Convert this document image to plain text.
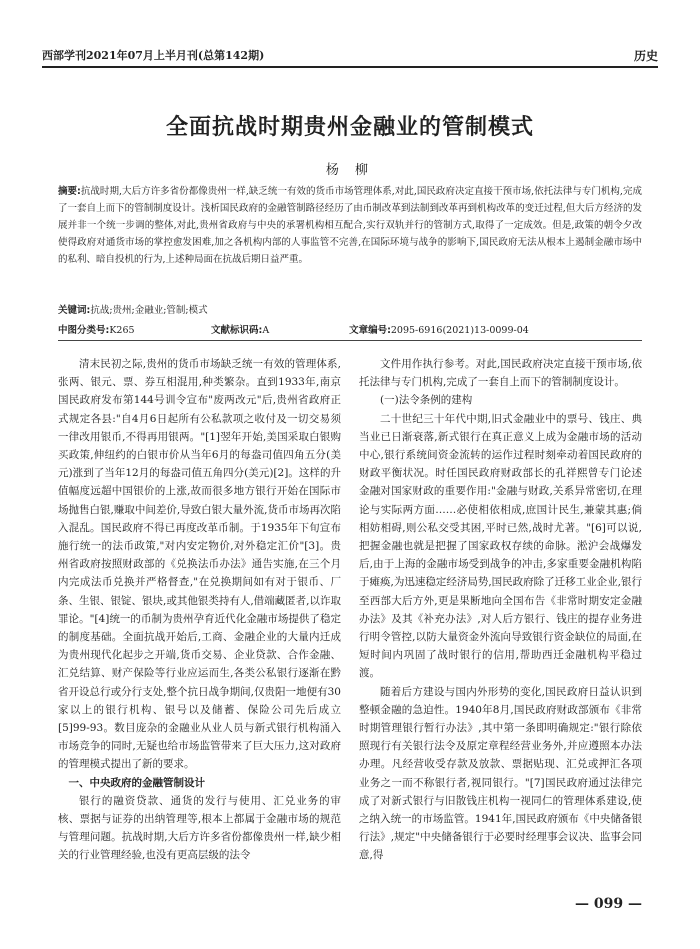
西部学刊2021年07月上半月刊(总第142期)	历史
全面抗战时期贵州金融业的管制模式
杨 柳
摘要:抗战时期,大后方许多省份都像贵州一样,缺乏统一有效的货币市场管理体系,对此,国民政府决定直接干预市场,依托法律与专门机构,完成了一套自上而下的管制制度设计。浅析国民政府的金融管制路径经历了由币制改革到法制到改革再到机构改革的变迁过程,但大后方经济的发展并非一个统一步调的整体,对此,贵州省政府与中央的承署机构相互配合,实行双轨并行的管制方式,取得了一定成效。但是,政策的朝令夕改使得政府对通货市场的掌控愈发困难,加之各机构内部的人事监管不完善,在国际环境与战争的影响下,国民政府无法从根本上遏制金融市场中的私利、暗自投机的行为,上述种局面在抗战后期日益严重。
关键词:抗战;贵州;金融业;管制;模式
中图分类号:K265	文献标识码:A	文章编号:2095-6916(2021)13-0099-04

清末民初之际,贵州的货币市场缺乏统一有效的管理体系,张两、银元、票、券互相混用,种类繁杂。直到1933年,南京国民政府发布第144号训令宣布"废两改元"后,贵州省政府正式规定各县:"自4月6日起所有公私款项之收付及一切交易须一律改用银币,不得再用银两。"[1]翌年开始,美国采取白银购买政策,伸纽约的白银市价从当年6月的每盎司值四角五分(美元)涨到了当年12月的每盎司值五角四分(美元)[2]。这样的升值幅度远超中国银价的上涨,故而很多地方银行开始在国际市场抛售白银,赚取中间差价,导致白银大量外流,货币市场再次陷入混乱。国民政府不得已再度改革币制。于1935年下旬宣布施行统一的法币政策,"对内安定物价,对外稳定汇价"[3]。贵州省政府按照财政部的《兑换法币办法》通告实施,在三个月内完成法币兑换并严格督查,"在兑换期间如有对于银币、厂条、生银、银锭、银块,或其他银类持有人,借端藏匿者,以诈取罪论。"[4]统一的币制为贵州孕育近代化金融市场提供了稳定的制度基础。全面抗战开始后,工商、金融企业的大量内迁成为贵州现代化起步之开端,货币交易、企业贷款、合作金融、汇兑结算、财产保险等行业应运而生,各类公私银行逐渐在黔省开设总行或分行支处,整个抗日战争期间,仅贵阳一地便有30家以上的银行机构、银号以及储蓄、保险公司先后成立[5]99-93。数目庞杂的金融业从业人员与新式银行机构涌入市场竞争的同时,无疑也给市场监管带来了巨大压力,这对政府的管理模式提出了新的要求。

一、中央政府的金融管制设计

银行的融资贷款、通货的发行与使用、汇兑业务的审核、票据与证券的出纳管理等,根本上都属于金融市场的规范与管理问题。抗战时期,大后方许多省份都像贵州一样,缺少相关的行业管理经验,也没有更高层级的法令

文件用作执行参考。对此,国民政府决定直接干预市场,依托法律与专门机构,完成了一套自上而下的管制制度设计。

(一)法令条例的建构

二十世纪三十年代中期,旧式金融业中的票号、钱庄、典当业已日渐衰落,新式银行在真正意义上成为金融市场的活动中心,银行系统间资金流转的运作过程时刻牵动着国民政府的财政平衡状况。时任国民政府财政部长的孔祥熙曾专门论述金融对国家财政的重要作用:"金融与财政,关系异常密切,在理论与实际两方面……必使相依相成,庶国计民生,兼蒙其惠;倘相妨相碍,则公私交受其困,平时已然,战时尤著。"[6]可以说,把握金融也就是把握了国家政权存续的命脉。淞沪会战爆发后,由于上海的金融市场受到战争的冲击,多家重要金融机构陷于瘫痪,为迅速稳定经济局势,国民政府除了迁移工业企业,银行至西部大后方外,更是果断地向全国布告《非常时期安定金融办法》及其《补充办法》,对人后方银行、钱庄的提存业务进行明令管控,以防大量资金外流向导致银行资金缺位的局面,在短时间内巩固了战时银行的信用,帮助西迁金融机构平稳过渡。

随着后方建设与国内外形势的变化,国民政府日益认识到整顿金融的急迫性。1940年8月,国民政府财政部颁布《非常时期管理银行暂行办法》,其中第一条即明确规定:"银行除依照现行有关银行法令及原定章程经营业务外,并应遵照本办法办理。凡经营收受存款及放款、票据贴现、汇兑或押汇各项业务之一而不称银行者,视同银行。"[7]国民政府通过法律完成了对新式银行与旧散钱庄机构一视同仁的管理体系建设,使之纳入统一的市场监管。1941年,国民政府颁布《中央储备银行法》,规定"中央储备银行于必要时经理事会议决、监事会同意,得

— 099 —
